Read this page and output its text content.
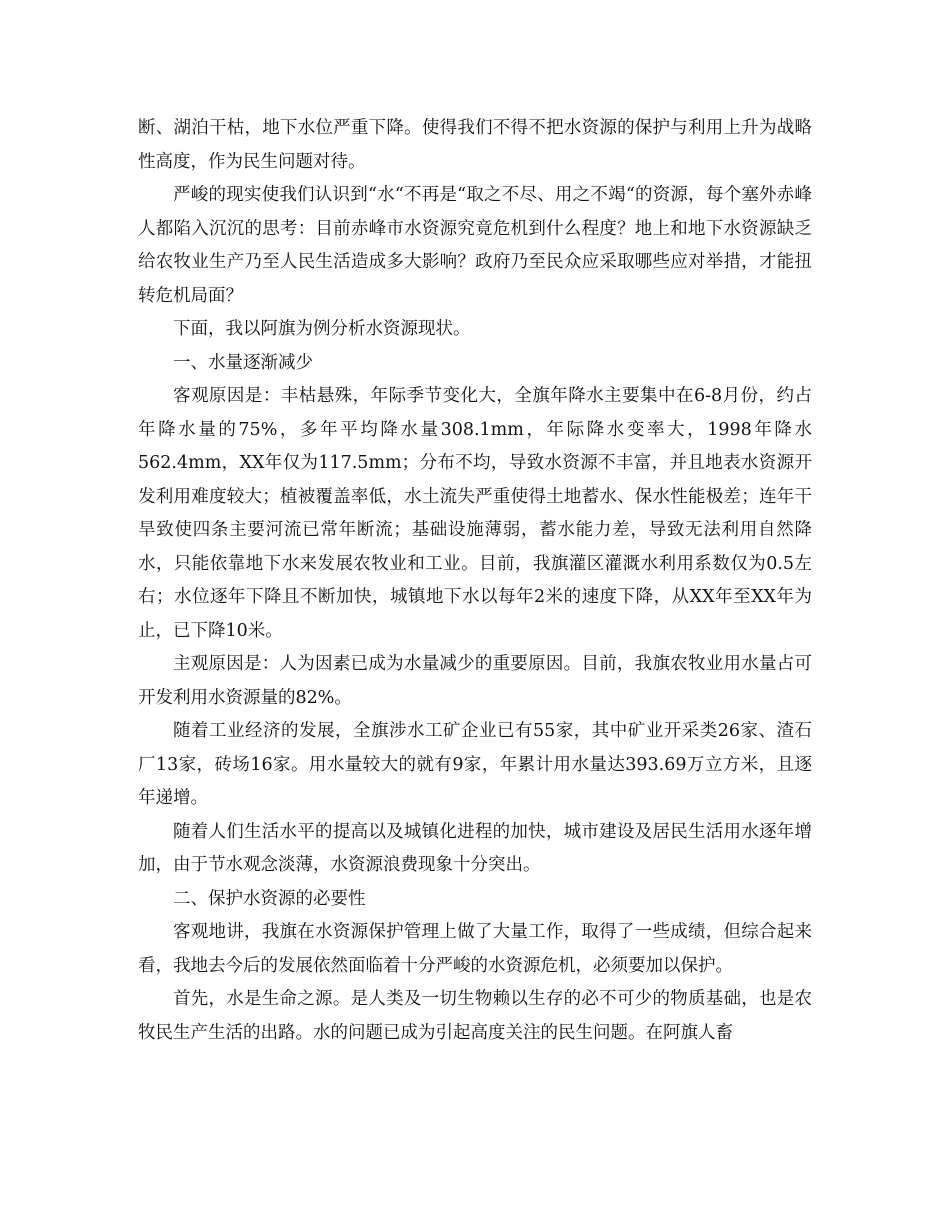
断、湖泊干枯，地下水位严重下降。使得我们不得不把水资源的保护与利用上升为战略性高度，作为民生问题对待。

严峻的现实使我们认识到“水“不再是“取之不尽、用之不竭“的资源，每个塞外赤峰人都陷入沉沉的思考：目前赤峰市水资源究竟危机到什么程度？地上和地下水资源缺乏给农牧业生产乃至人民生活造成多大影响？政府乃至民众应采取哪些应对举措，才能扭转危机局面？

下面，我以阿旗为例分析水资源现状。

一、水量逐渐减少

客观原因是：丰枯悬殊，年际季节变化大，全旗年降水主要集中在6-8月份，约占年降水量的75%，多年平均降水量308.1mm，年际降水变率大，1998年降水562.4mm，XX年仅为117.5mm；分布不均，导致水资源不丰富，并且地表水资源开发利用难度较大；植被覆盖率低，水土流失严重使得土地蓄水、保水性能极差；连年干旱致使四条主要河流已常年断流；基础设施薄弱，蓄水能力差，导致无法利用自然降水，只能依靠地下水来发展农牧业和工业。目前，我旗灌区灌溉水利用系数仅为0.5左右；水位逐年下降且不断加快，城镇地下水以每年2米的速度下降，从XX年至XX年为止，已下降10米。

主观原因是：人为因素已成为水量减少的重要原因。目前，我旗农牧业用水量占可开发利用水资源量的82%。

随着工业经济的发展，全旗涉水工矿企业已有55家，其中矿业开采类26家、渣石厂13家，砖场16家。用水量较大的就有9家，年累计用水量达393.69万立方米，且逐年递增。

随着人们生活水平的提高以及城镇化进程的加快，城市建设及居民生活用水逐年增加，由于节水观念淡薄，水资源浪费现象十分突出。

二、保护水资源的必要性

客观地讲，我旗在水资源保护管理上做了大量工作，取得了一些成绩，但综合起来看，我地去今后的发展依然面临着十分严峻的水资源危机，必须要加以保护。

首先，水是生命之源。是人类及一切生物赖以生存的必不可少的物质基础，也是农牧民生产生活的出路。水的问题已成为引起高度关注的民生问题。在阿旗人畜
